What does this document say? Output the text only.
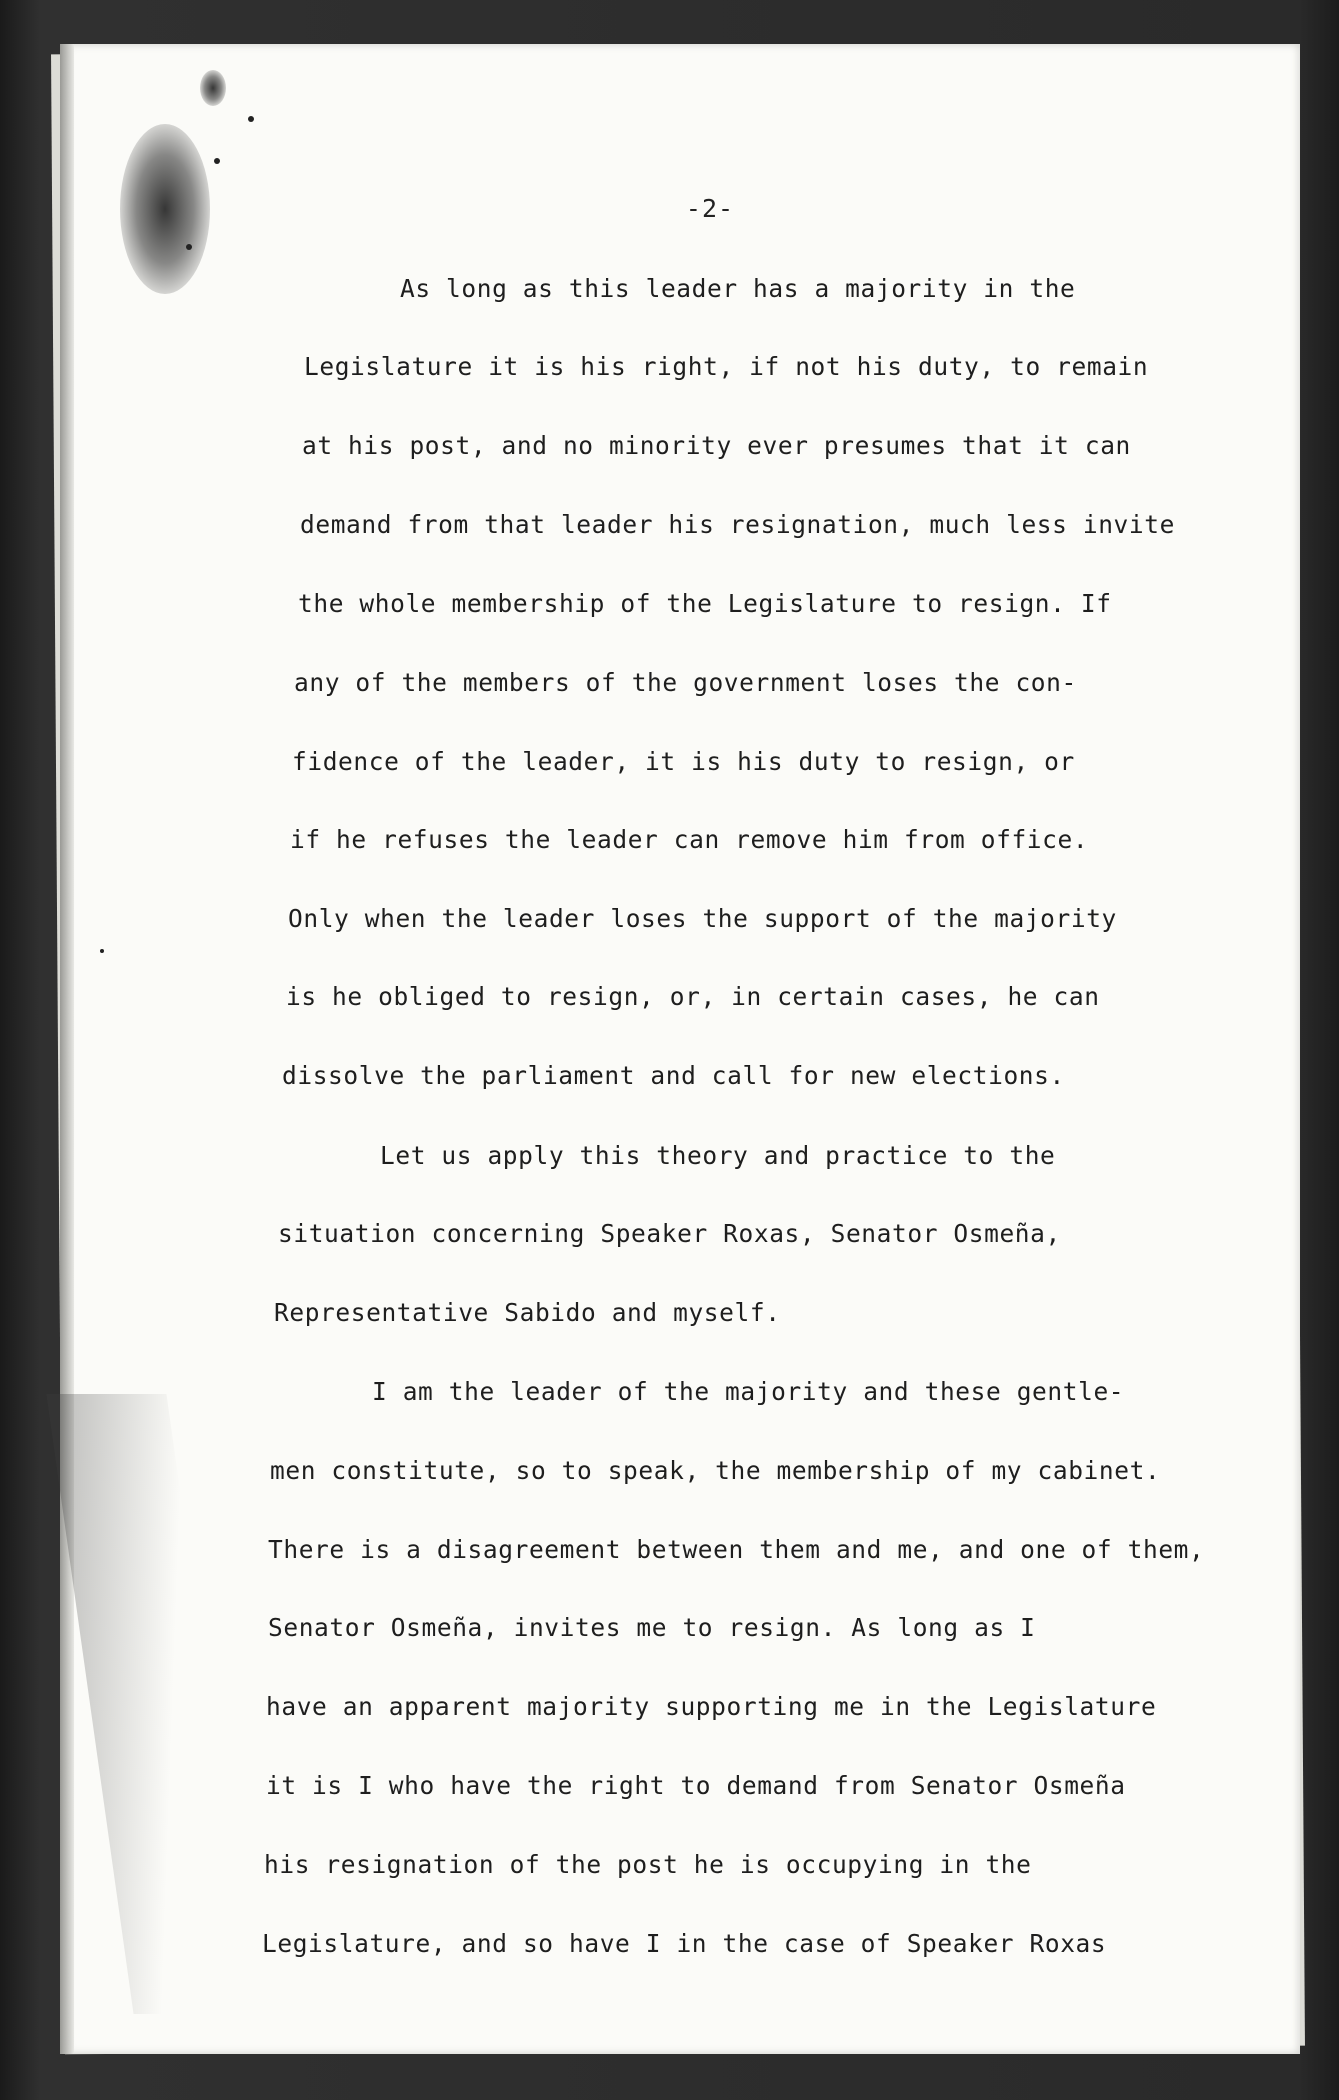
-2-
As long as this leader has a majority in the
Legislature it is his right, if not his duty, to remain
at his post, and no minority ever presumes that it can
demand from that leader his resignation, much less invite
the whole membership of the Legislature to resign. If
any of the members of the government loses the con-
fidence of the leader, it is his duty to resign, or
if he refuses the leader can remove him from office.
Only when the leader loses the support of the majority
is he obliged to resign, or, in certain cases, he can
dissolve the parliament and call for new elections.
Let us apply this theory and practice to the
situation concerning Speaker Roxas, Senator Osmeña,
Representative Sabido and myself.
I am the leader of the majority and these gentle-
men constitute, so to speak, the membership of my cabinet.
There is a disagreement between them and me, and one of them,
Senator Osmeña, invites me to resign. As long as I
have an apparent majority supporting me in the Legislature
it is I who have the right to demand from Senator Osmeña
his resignation of the post he is occupying in the
Legislature, and so have I in the case of Speaker Roxas
